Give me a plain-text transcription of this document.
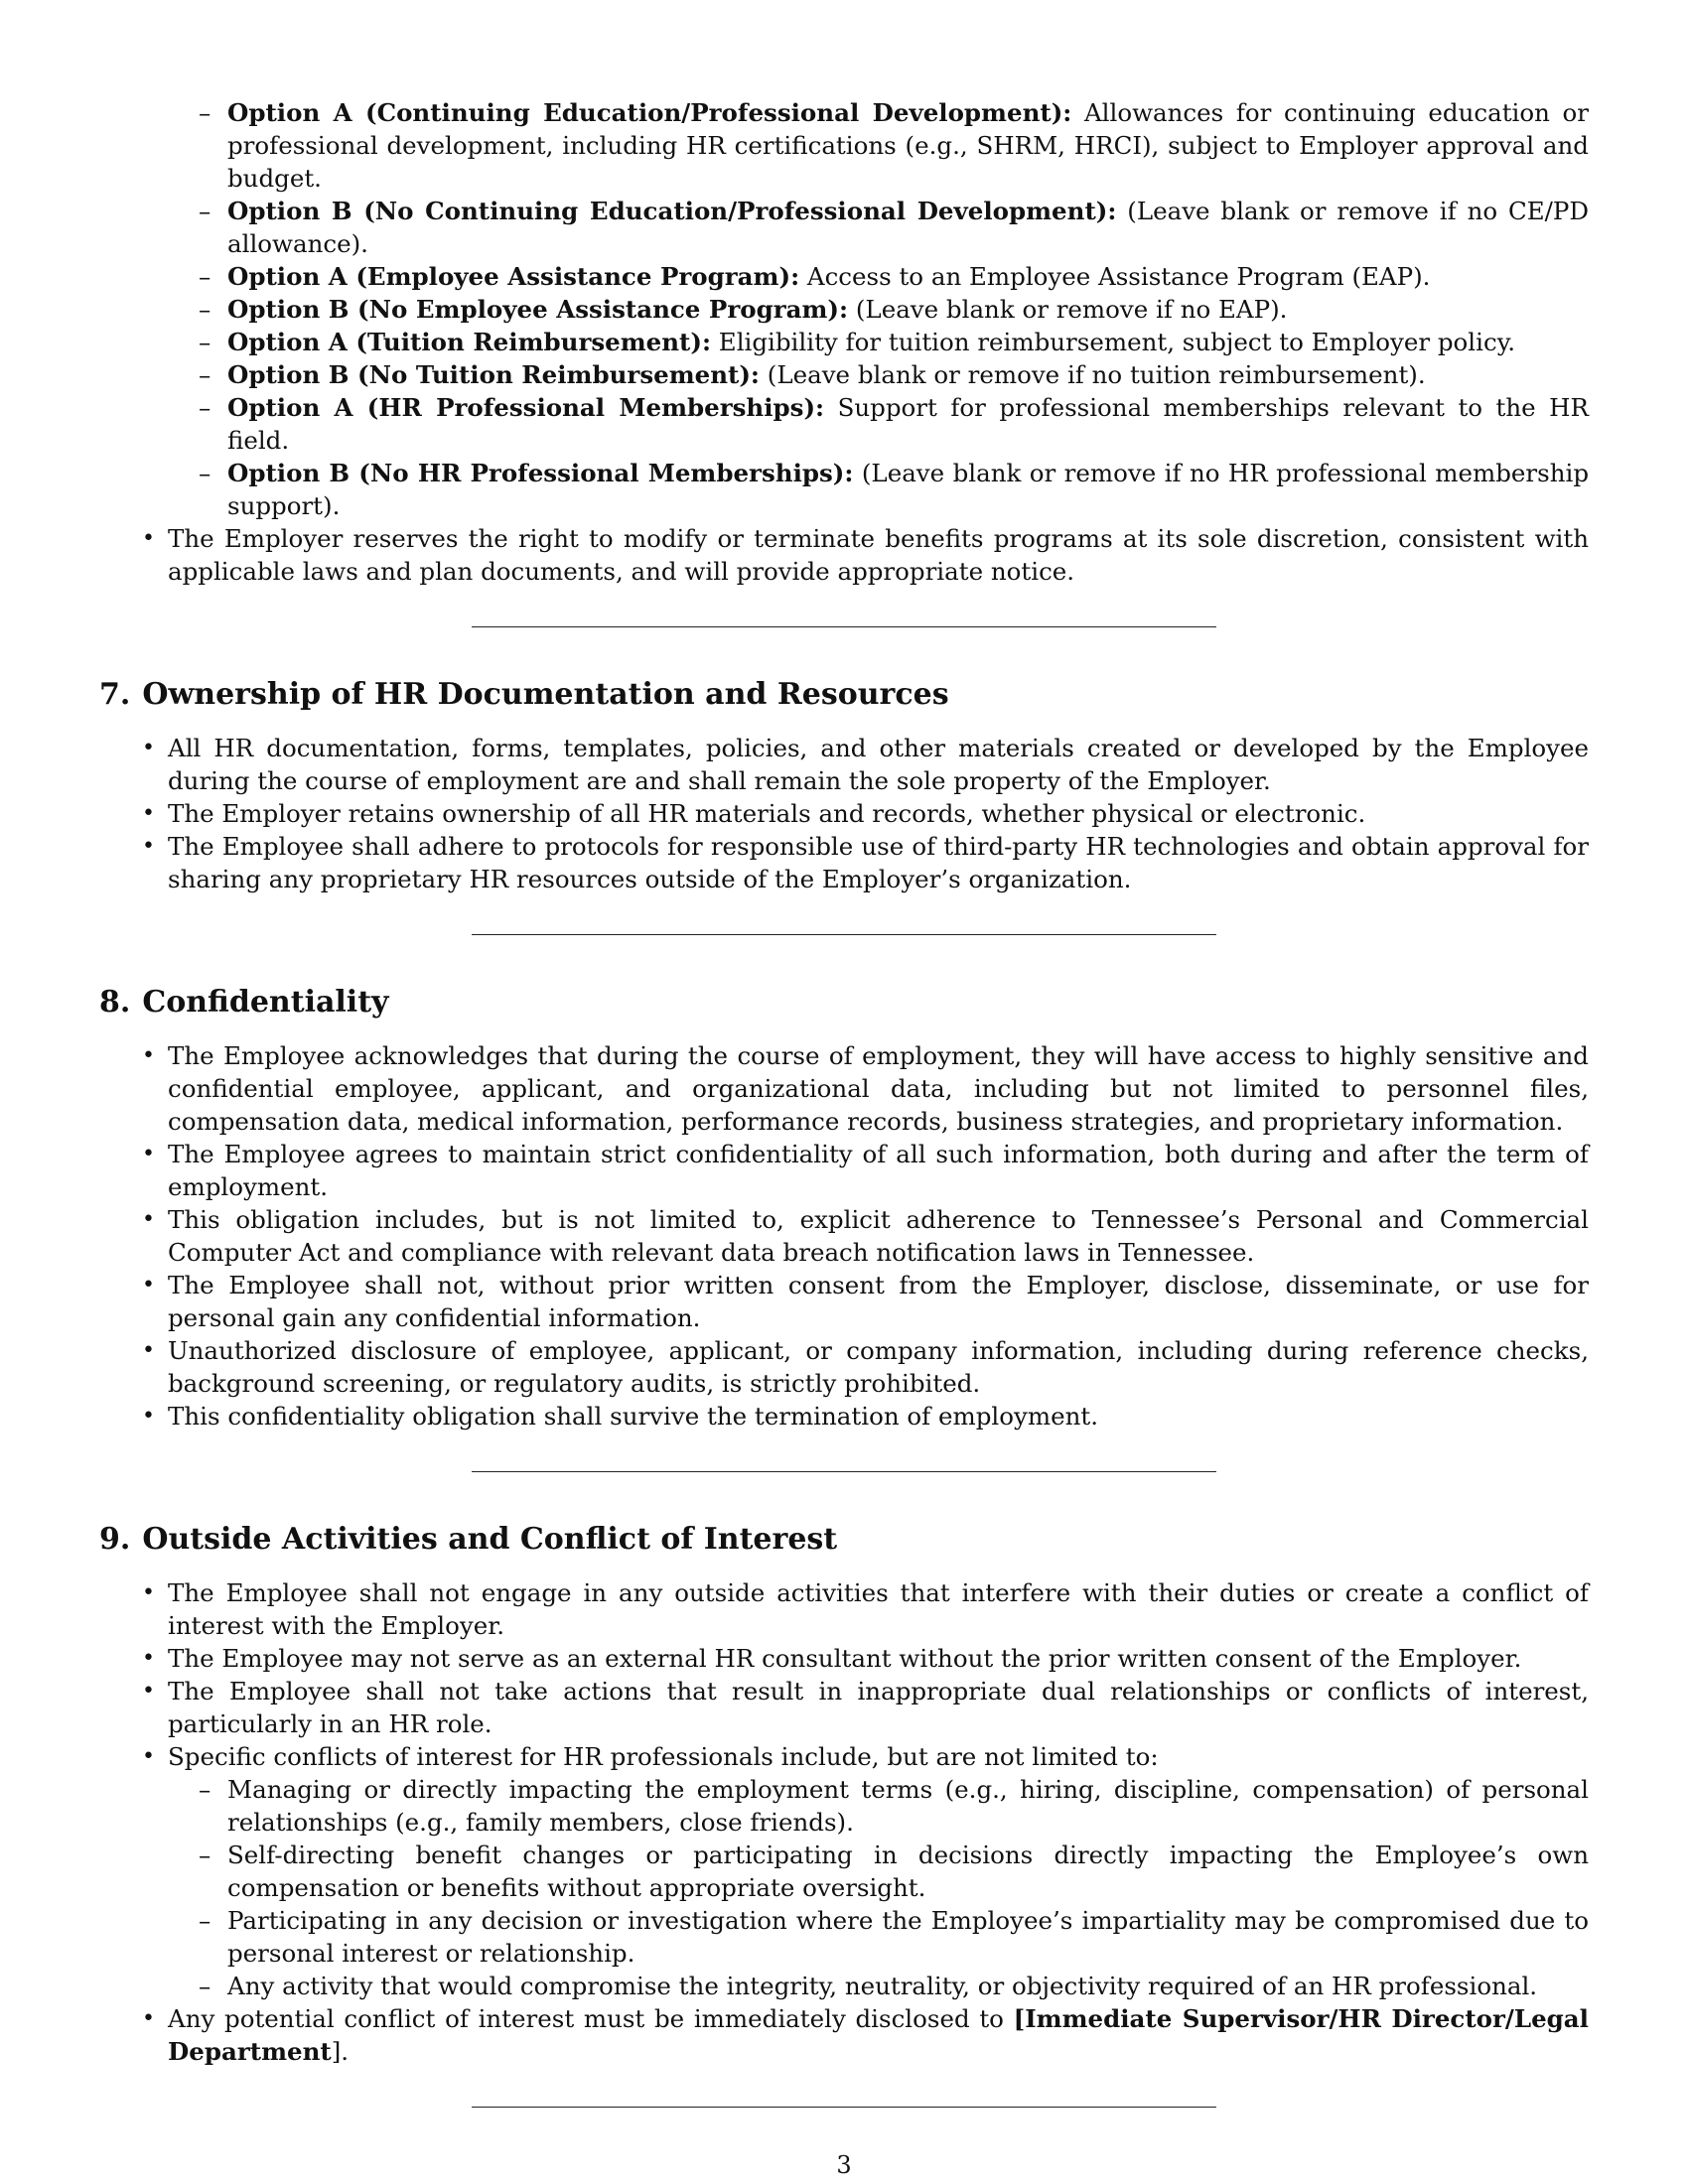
– Option A (Continuing Education/Professional Development): Allowances for continuing education or professional development, including HR certifications (e.g., SHRM, HRCI), subject to Employer approval and budget.
– Option B (No Continuing Education/Professional Development): (Leave blank or remove if no CE/PD allowance).
– Option A (Employee Assistance Program): Access to an Employee Assistance Program (EAP).
– Option B (No Employee Assistance Program): (Leave blank or remove if no EAP).
– Option A (Tuition Reimbursement): Eligibility for tuition reimbursement, subject to Employer policy.
– Option B (No Tuition Reimbursement): (Leave blank or remove if no tuition reimbursement).
– Option A (HR Professional Memberships): Support for professional memberships relevant to the HR field.
– Option B (No HR Professional Memberships): (Leave blank or remove if no HR professional membership support).
• The Employer reserves the right to modify or terminate benefits programs at its sole discretion, consistent with applicable laws and plan documents, and will provide appropriate notice.
7. Ownership of HR Documentation and Resources
• All HR documentation, forms, templates, policies, and other materials created or developed by the Employee during the course of employment are and shall remain the sole property of the Employer.
• The Employer retains ownership of all HR materials and records, whether physical or electronic.
• The Employee shall adhere to protocols for responsible use of third-party HR technologies and obtain approval for sharing any proprietary HR resources outside of the Employer’s organization.
8. Confidentiality
• The Employee acknowledges that during the course of employment, they will have access to highly sensitive and confidential employee, applicant, and organizational data, including but not limited to personnel files, compensation data, medical information, performance records, business strategies, and proprietary information.
• The Employee agrees to maintain strict confidentiality of all such information, both during and after the term of employment.
• This obligation includes, but is not limited to, explicit adherence to Tennessee’s Personal and Commercial Computer Act and compliance with relevant data breach notification laws in Tennessee.
• The Employee shall not, without prior written consent from the Employer, disclose, disseminate, or use for personal gain any confidential information.
• Unauthorized disclosure of employee, applicant, or company information, including during reference checks, background screening, or regulatory audits, is strictly prohibited.
• This confidentiality obligation shall survive the termination of employment.
9. Outside Activities and Conflict of Interest
• The Employee shall not engage in any outside activities that interfere with their duties or create a conflict of interest with the Employer.
• The Employee may not serve as an external HR consultant without the prior written consent of the Employer.
• The Employee shall not take actions that result in inappropriate dual relationships or conflicts of interest, particularly in an HR role.
• Specific conflicts of interest for HR professionals include, but are not limited to:
– Managing or directly impacting the employment terms (e.g., hiring, discipline, compensation) of personal relationships (e.g., family members, close friends).
– Self-directing benefit changes or participating in decisions directly impacting the Employee’s own compensation or benefits without appropriate oversight.
– Participating in any decision or investigation where the Employee’s impartiality may be compromised due to personal interest or relationship.
– Any activity that would compromise the integrity, neutrality, or objectivity required of an HR professional.
• Any potential conflict of interest must be immediately disclosed to [Immediate Supervisor/HR Director/Legal Department].
3
